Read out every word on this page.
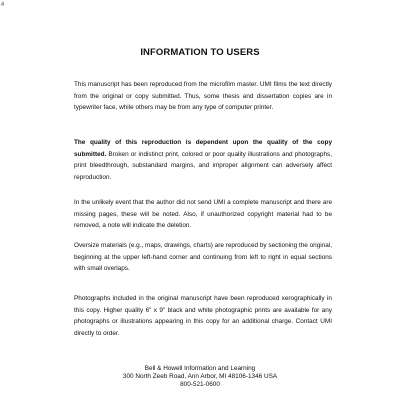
#
INFORMATION TO USERS

This manuscript has been reproduced from the microfilm master. UMI films the text directly from the original or copy submitted. Thus, some thesis and dissertation copies are in typewriter face, while others may be from any type of computer printer.

The quality of this reproduction is dependent upon the quality of the copy submitted. Broken or indistinct print, colored or poor quality illustrations and photographs, print bleedthrough, substandard margins, and improper alignment can adversely affect reproduction.

In the unlikely event that the author did not send UMI a complete manuscript and there are missing pages, these will be noted. Also, if unauthorized copyright material had to be removed, a note will indicate the deletion.

Oversize materials (e.g., maps, drawings, charts) are reproduced by sectioning the original, beginning at the upper left-hand corner and continuing from left to right in equal sections with small overlaps.

Photographs included in the original manuscript have been reproduced xerographically in this copy. Higher quality 6" x 9" black and white photographic prints are available for any photographs or illustrations appearing in this copy for an additional charge. Contact UMI directly to order.

Bell & Howell Information and Learning
300 North Zeeb Road, Ann Arbor, MI 48106-1346 USA
800-521-0600
